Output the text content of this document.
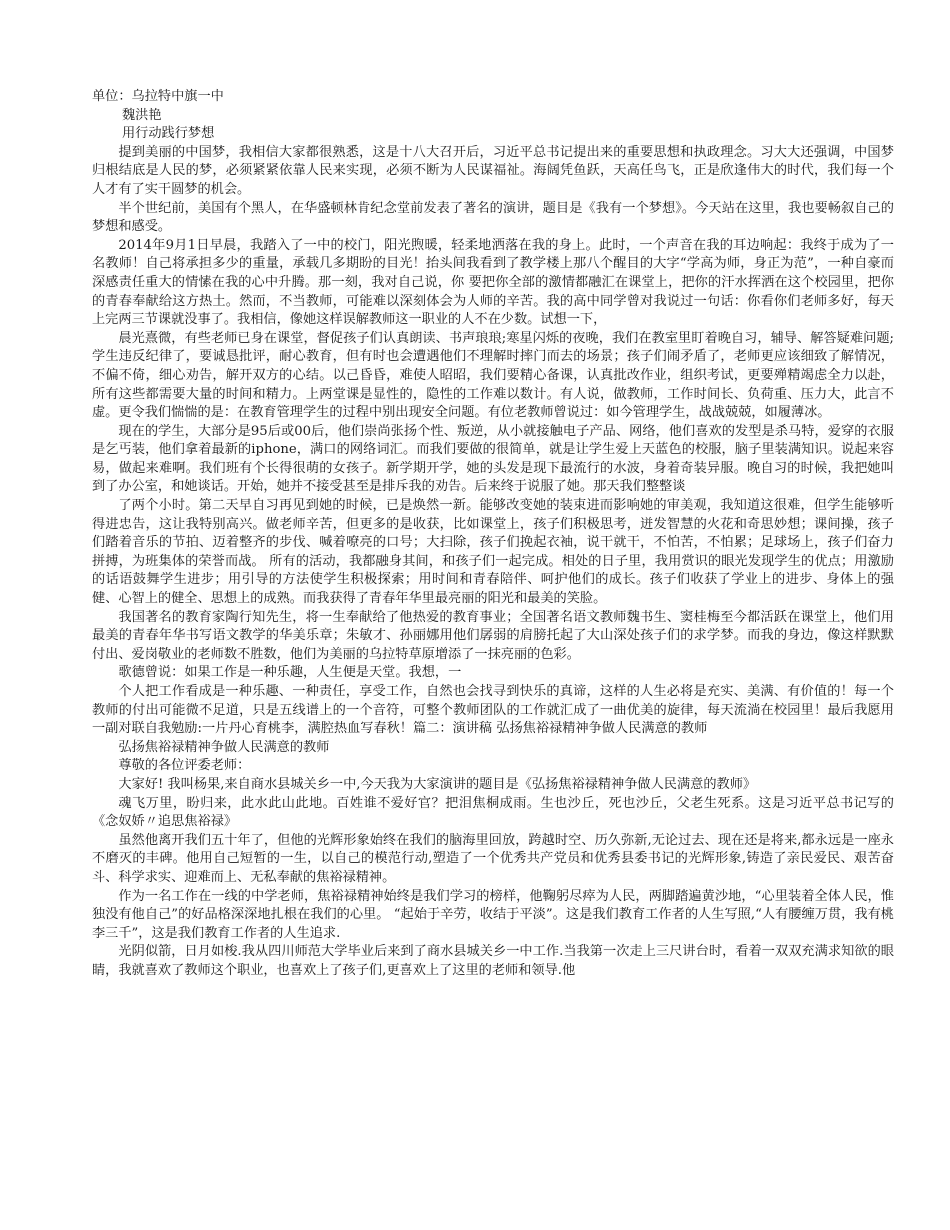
单位：乌拉特中旗一中

魏洪艳

用行动践行梦想

提到美丽的中国梦，我相信大家都很熟悉，这是十八大召开后，习近平总书记提出来的重要思想和执政理念。习大大还强调，中国梦归根结底是人民的梦，必须紧紧依靠人民来实现，必须不断为人民谋福祉。海阔凭鱼跃，天高任鸟飞，正是欣逢伟大的时代，我们每一个人才有了实干圆梦的机会。

半个世纪前，美国有个黑人，在华盛顿林肯纪念堂前发表了著名的演讲，题目是《我有一个梦想》。今天站在这里，我也要畅叙自己的梦想和感受。

2014年9月1日早晨，我踏入了一中的校门，阳光煦暖，轻柔地洒落在我的身上。此时，一个声音在我的耳边响起：我终于成为了一名教师！自己将承担多少的重量，承载几多期盼的目光！抬头间我看到了教学楼上那八个醒目的大字“学高为师，身正为范”，一种自豪而深感责任重大的情愫在我的心中升腾。那一刻，我对自己说，你 要把你全部的激情都融汇在课堂上，把你的汗水挥洒在这个校园里，把你的青春奉献给这方热土。然而，不当教师，可能难以深刻体会为人师的辛苦。我的高中同学曾对我说过一句话：你看你们老师多好，每天上完两三节课就没事了。我相信，像她这样误解教师这一职业的人不在少数。试想一下，

晨光熹微，有些老师已身在课堂，督促孩子们认真朗读、书声琅琅;寒星闪烁的夜晚，我们在教室里盯着晚自习，辅导、解答疑难问题;学生违反纪律了，要诚恳批评，耐心教育，但有时也会遭遇他们不理解时摔门而去的场景；孩子们闹矛盾了，老师更应该细致了解情况，不偏不倚，细心劝告，解开双方的心结。以己昏昏，难使人昭昭，我们要精心备课，认真批改作业，组织考试，更要殚精竭虑全力以赴，所有这些都需要大量的时间和精力。上两堂课是显性的，隐性的工作难以数计。有人说，做教师，工作时间长、负荷重、压力大，此言不虚。更令我们惴惴的是：在教育管理学生的过程中别出现安全问题。有位老教师曾说过：如今管理学生，战战兢兢，如履薄冰。

现在的学生，大部分是95后或00后，他们崇尚张扬个性、叛逆，从小就接触电子产品、网络，他们喜欢的发型是杀马特，爱穿的衣服是乞丐装，他们拿着最新的iphone，满口的网络词汇。而我们要做的很简单，就是让学生爱上天蓝色的校服，脑子里装满知识。说起来容易，做起来难啊。我们班有个长得很萌的女孩子。新学期开学，她的头发是现下最流行的水波，身着奇装异服。晚自习的时候，我把她叫到了办公室，和她谈话。开始，她并不接受甚至是排斥我的劝告。后来终于说服了她。那天我们整整谈

了两个小时。第二天早自习再见到她的时候，已是焕然一新。能够改变她的装束进而影响她的审美观，我知道这很难，但学生能够听得进忠告，这让我特别高兴。做老师辛苦，但更多的是收获，比如课堂上，孩子们积极思考，迸发智慧的火花和奇思妙想；课间操，孩子们踏着音乐的节拍、迈着整齐的步伐、喊着嘹亮的口号；大扫除，孩子们挽起衣袖，说干就干，不怕苦，不怕累；足球场上，孩子们奋力拼搏，为班集体的荣誉而战。 所有的活动，我都融身其间，和孩子们一起完成。相处的日子里，我用赏识的眼光发现学生的优点；用激励的话语鼓舞学生进步；用引导的方法使学生积极探索；用时间和青春陪伴、呵护他们的成长。孩子们收获了学业上的进步、身体上的强健、心智上的健全、思想上的成熟。而我获得了青春年华里最亮丽的阳光和最美的笑脸。

我国著名的教育家陶行知先生，将一生奉献给了他热爱的教育事业；全国著名语文教师魏书生、窦桂梅至今都活跃在课堂上，他们用最美的青春年华书写语文教学的华美乐章；朱敏才、孙丽娜用他们孱弱的肩膀托起了大山深处孩子们的求学梦。而我的身边，像这样默默付出、爱岗敬业的老师数不胜数，他们为美丽的乌拉特草原增添了一抹亮丽的色彩。

歌德曾说：如果工作是一种乐趣，人生便是天堂。我想，一

个人把工作看成是一种乐趣、一种责任，享受工作，自然也会找寻到快乐的真谛，这样的人生必将是充实、美满、有价值的！每一个教师的付出可能微不足道，只是五线谱上的一个音符，可整个教师团队的工作就汇成了一曲优美的旋律，每天流淌在校园里！最后我愿用一副对联自我勉励:一片丹心育桃李，满腔热血写春秋！篇二：演讲稿 弘扬焦裕禄精神争做人民满意的教师

弘扬焦裕禄精神争做人民满意的教师

尊敬的各位评委老师：

大家好! 我叫杨果,来自商水县城关乡一中,今天我为大家演讲的题目是《弘扬焦裕禄精神争做人民满意的教师》

魂飞万里，盼归来，此水此山此地。百姓谁不爱好官？把泪焦桐成雨。生也沙丘，死也沙丘，父老生死系。这是习近平总书记写的《念奴娇〃追思焦裕禄》

虽然他离开我们五十年了，但他的光辉形象始终在我们的脑海里回放，跨越时空、历久弥新,无论过去、现在还是将来,都永远是一座永不磨灭的丰碑。他用自己短暂的一生，以自己的模范行动,塑造了一个优秀共产党员和优秀县委书记的光辉形象,铸造了亲民爱民、艰苦奋斗、科学求实、迎难而上、无私奉献的焦裕禄精神。

作为一名工作在一线的中学老师，焦裕禄精神始终是我们学习的榜样，他鞠躬尽瘁为人民，两脚踏遍黄沙地，“心里装着全体人民，惟独没有他自己”的好品格深深地扎根在我们的心里。 “起始于辛劳，收结于平淡”。这是我们教育工作者的人生写照,“人有腰缠万贯，我有桃李三千”，这是我们教育工作者的人生追求.

光阴似箭，日月如梭.我从四川师范大学毕业后来到了商水县城关乡一中工作.当我第一次走上三尺讲台时，看着一双双充满求知欲的眼睛，我就喜欢了教师这个职业，也喜欢上了孩子们,更喜欢上了这里的老师和领导.他
